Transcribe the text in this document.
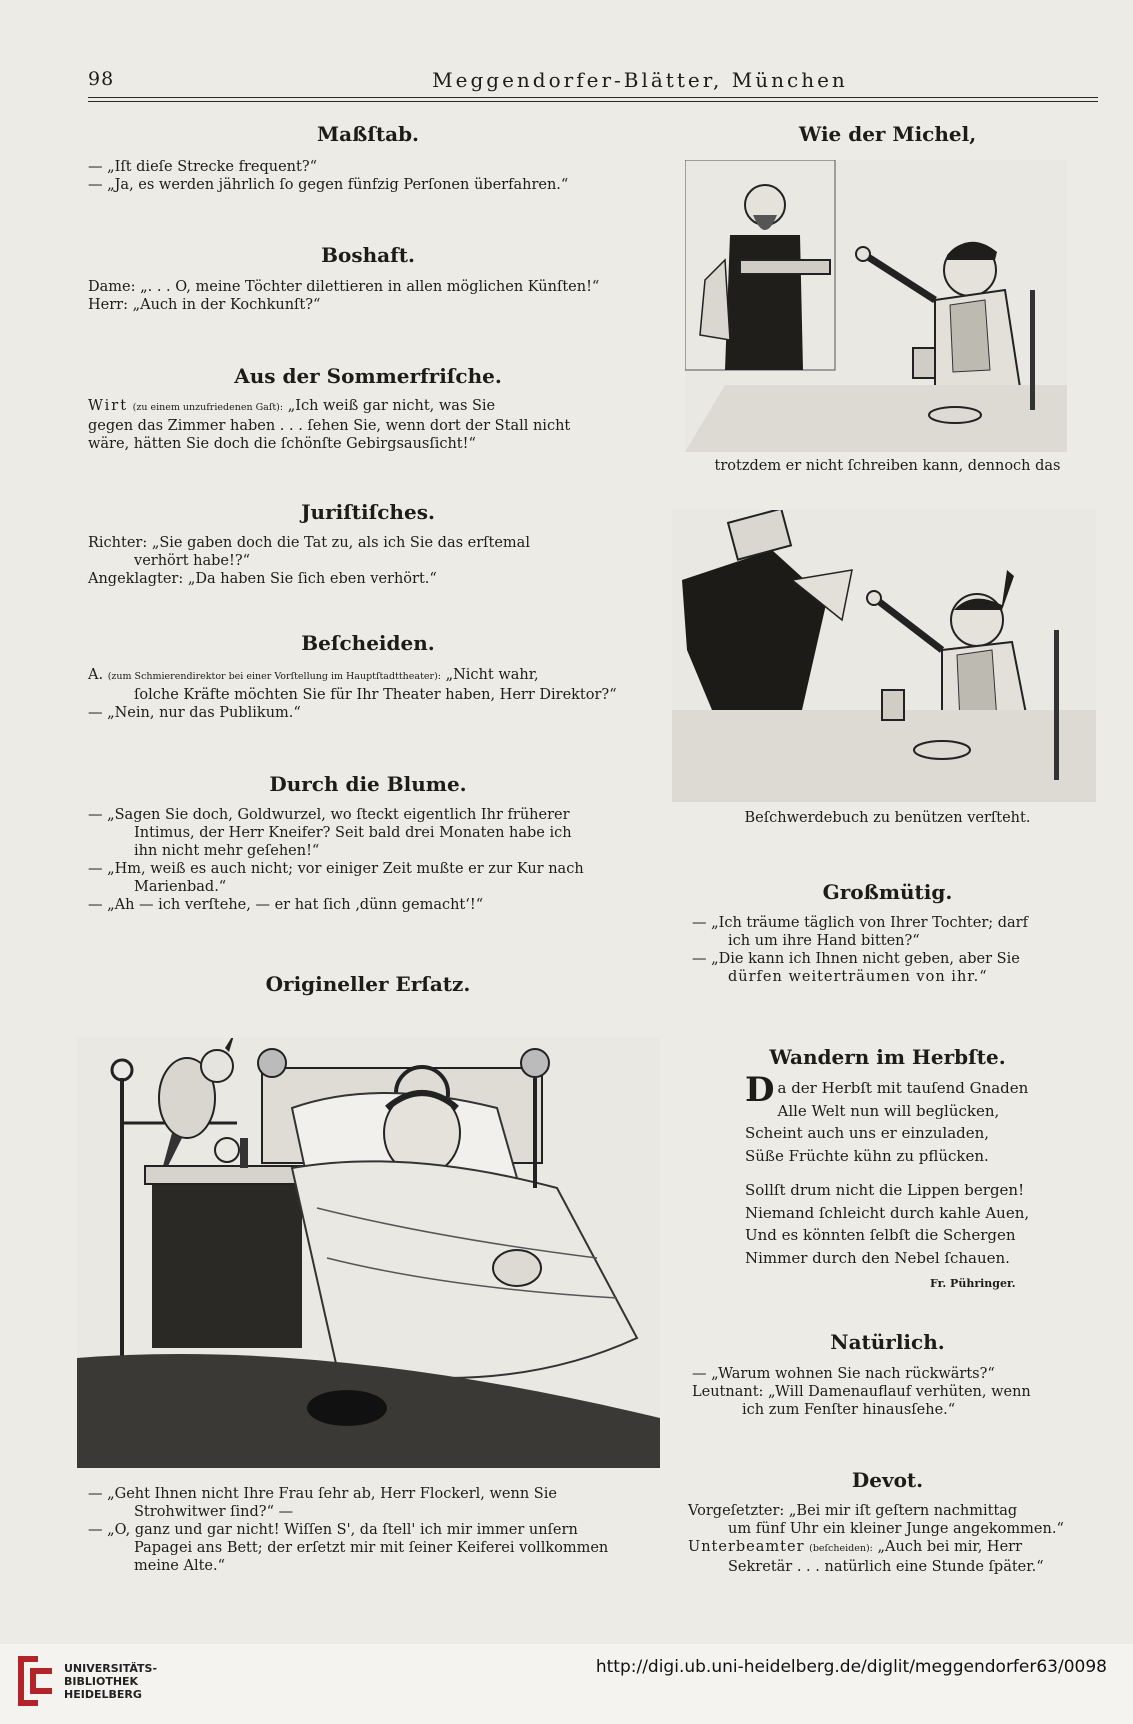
98	Meggendorfer-Blätter, München
Maßſtab.
— „Iſt dieſe Strecke frequent?“
— „Ja, es werden jährlich ſo gegen fünfzig Perſonen überfahren.“
Boshaft.
Dame: „. . . O, meine Töchter dilettieren in allen möglichen Künſten!“
Herr: „Auch in der Kochkunſt?“
Aus der Sommerfriſche.
Wirt (zu einem unzufriedenen Gaſt): „Ich weiß gar nicht, was Sie
gegen das Zimmer haben . . . ſehen Sie, wenn dort der Stall nicht
wäre, hätten Sie doch die ſchönſte Gebirgsausſicht!“
Juriſtiſches.
Richter: „Sie gaben doch die Tat zu, als ich Sie das erſtemal
verhört habe!?“
Angeklagter: „Da haben Sie ſich eben verhört.“
Beſcheiden.
A. (zum Schmierendirektor bei einer Vorſtellung im Hauptſtadttheater): „Nicht wahr,
ſolche Kräfte möchten Sie für Ihr Theater haben, Herr Direktor?“
— „Nein, nur das Publikum.“
Durch die Blume.
— „Sagen Sie doch, Goldwurzel, wo ſteckt eigentlich Ihr früherer
Intimus, der Herr Kneifer? Seit bald drei Monaten habe ich
ihn nicht mehr geſehen!“
— „Hm, weiß es auch nicht; vor einiger Zeit mußte er zur Kur nach
Marienbad.“
— „Ah — ich verſtehe, — er hat ſich ‚dünn gemacht‘!“
Origineller Erſatz.
— „Geht Ihnen nicht Ihre Frau ſehr ab, Herr Flockerl, wenn Sie
Strohwitwer ſind?“ —
— „O, ganz und gar nicht! Wiſſen S', da ſtell' ich mir immer unſern
Papagei ans Bett; der erſetzt mir mit ſeiner Keiferei vollkommen
meine Alte.“
Wie der Michel,
trotzdem er nicht ſchreiben kann, dennoch das
Beſchwerdebuch zu benützen verſteht.
Großmütig.
— „Ich träume täglich von Ihrer Tochter; darf
ich um ihre Hand bitten?“
— „Die kann ich Ihnen nicht geben, aber Sie
dürfen weiterträumen von ihr.“
Wandern im Herbſte.
D a der Herbſt mit tauſend Gnaden
Alle Welt nun will beglücken,
Scheint auch uns er einzuladen,
Süße Früchte kühn zu pflücken.
Sollſt drum nicht die Lippen bergen!
Niemand ſchleicht durch kahle Auen,
Und es könnten ſelbſt die Schergen
Nimmer durch den Nebel ſchauen.
Fr. Pühringer.
Natürlich.
— „Warum wohnen Sie nach rückwärts?“
Leutnant: „Will Damenauflauf verhüten, wenn
ich zum Fenſter hinausſehe.“
Devot.
Vorgeſetzter: „Bei mir iſt geſtern nachmittag
um fünf Uhr ein kleiner Junge angekommen.“
Unterbeamter (beſcheiden): „Auch bei mir, Herr
Sekretär . . . natürlich eine Stunde ſpäter.“
UNIVERSITÄTS-
BIBLIOTHEK
HEIDELBERG
http://digi.ub.uni-heidelberg.de/diglit/meggendorfer63/0098
